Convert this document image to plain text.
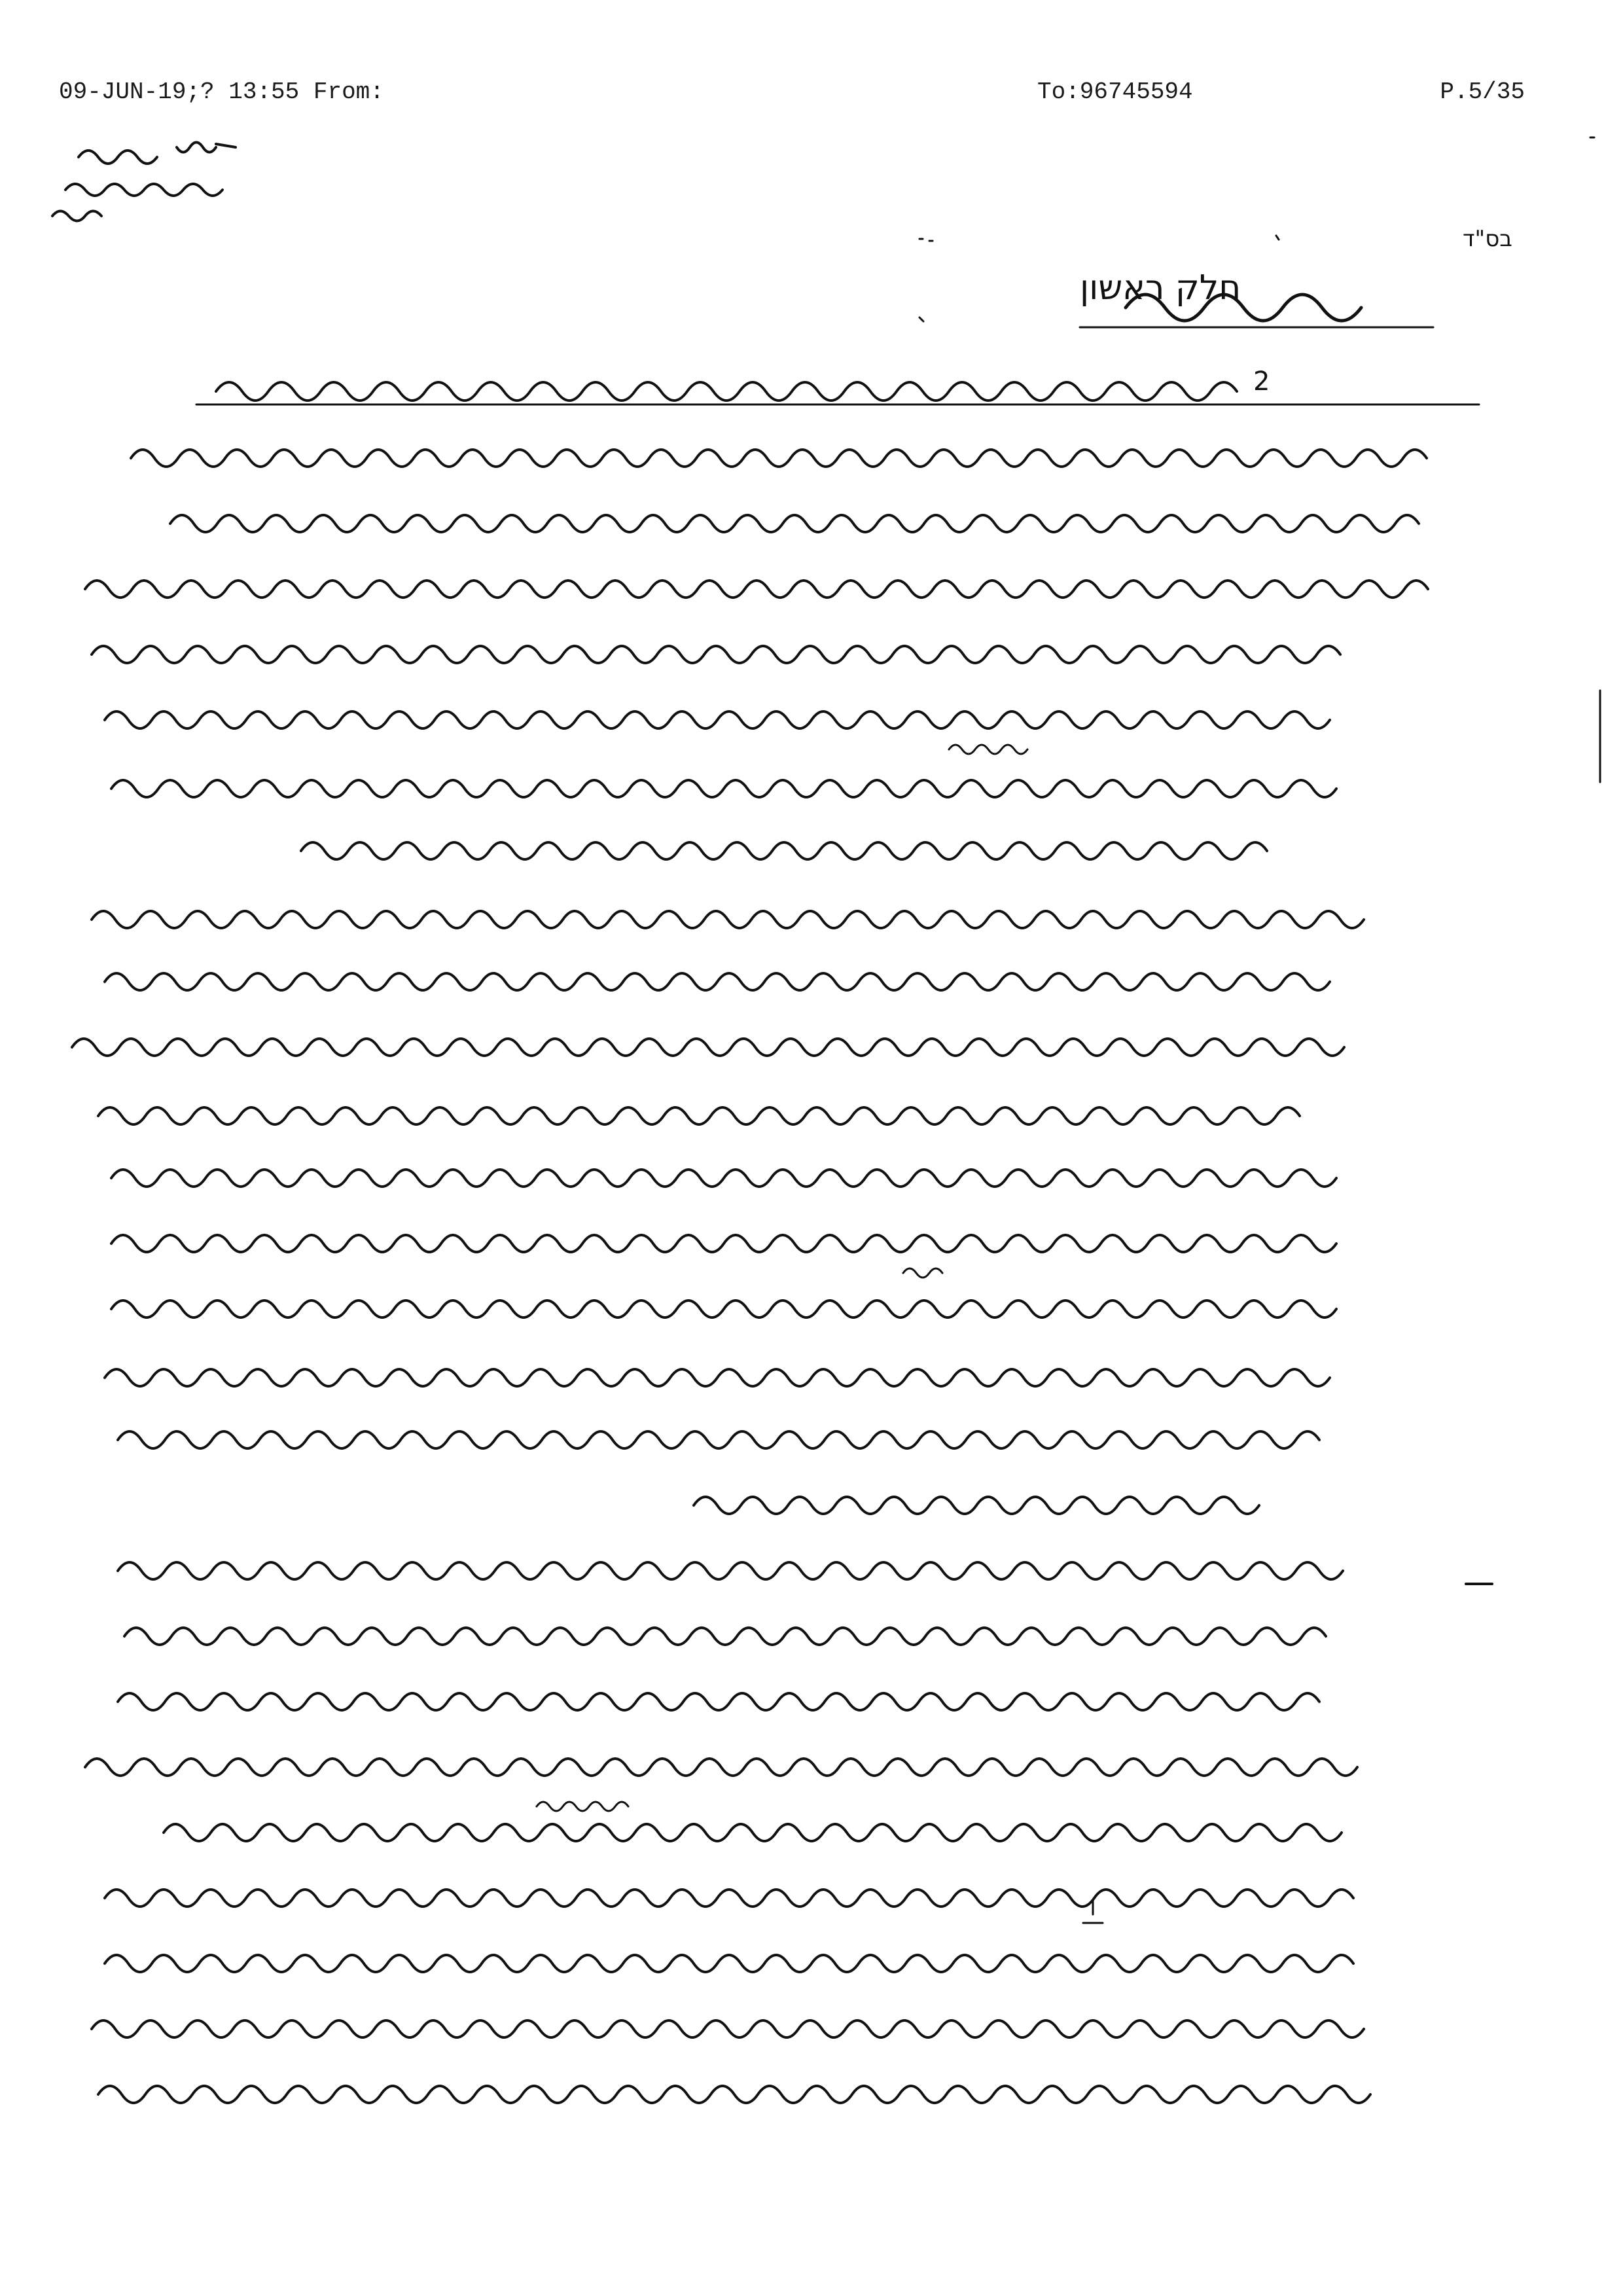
09-JUN-19;? 13:55 From:	To:96745594	P.5/35
בס"ד
חלק ראשון
2
